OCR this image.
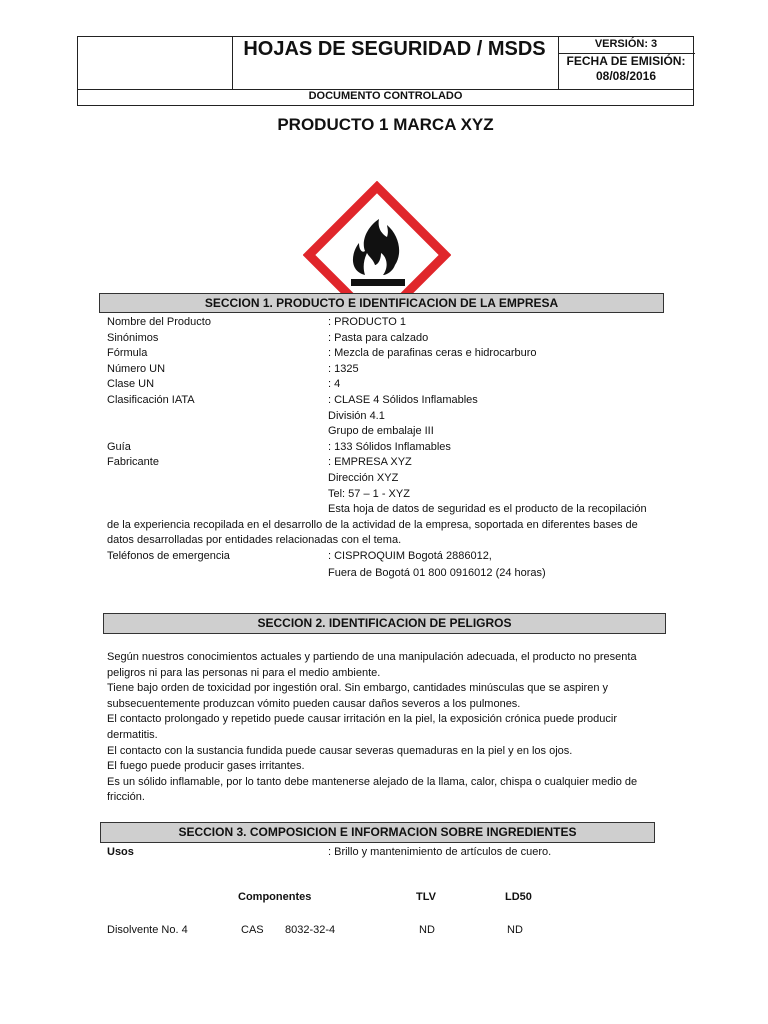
HOJAS DE SEGURIDAD / MSDS	VERSIÓN: 3
FECHA DE EMISIÓN:
08/08/2016
DOCUMENTO CONTROLADO
PRODUCTO 1 MARCA XYZ
SECCION 1. PRODUCTO E IDENTIFICACION DE LA EMPRESA
Nombre del Producto	: PRODUCTO 1
Sinónimos	: Pasta para calzado
Fórmula	: Mezcla de parafinas ceras e hidrocarburo
Número UN	: 1325
Clase UN	: 4
Clasificación IATA	: CLASE 4 Sólidos Inflamables
División 4.1
Grupo de embalaje III
Guía	: 133 Sólidos Inflamables
Fabricante	: EMPRESA XYZ
Dirección XYZ
Tel: 57 – 1 - XYZ
Esta hoja de datos de seguridad es el producto de la recopilación
de la experiencia recopilada en el desarrollo de la actividad de la empresa, soportada en diferentes bases de
datos desarrolladas por entidades relacionadas con el tema.
Teléfonos de emergencia	: CISPROQUIM Bogotá 2886012,
Fuera de Bogotá 01 800 0916012 (24 horas)
SECCION 2. IDENTIFICACION DE PELIGROS
Según nuestros conocimientos actuales y partiendo de una manipulación adecuada, el producto no presenta
peligros ni para las personas ni para el medio ambiente.
Tiene bajo orden de toxicidad por ingestión oral. Sin embargo, cantidades minúsculas que se aspiren y
subsecuentemente produzcan vómito pueden causar daños severos a los pulmones.
El contacto prolongado y repetido puede causar irritación en la piel, la exposición crónica puede producir
dermatitis.
El contacto con la sustancia fundida puede causar severas quemaduras en la piel y en los ojos.
El fuego puede producir gases irritantes.
Es un sólido inflamable, por lo tanto debe mantenerse alejado de la llama, calor, chispa o cualquier medio de
fricción.
SECCION 3. COMPOSICION E INFORMACION SOBRE INGREDIENTES
Usos	: Brillo y mantenimiento de artículos de cuero.
Componentes	TLV	LD50
Disolvente No. 4	CAS 8032-32-4	ND	ND
